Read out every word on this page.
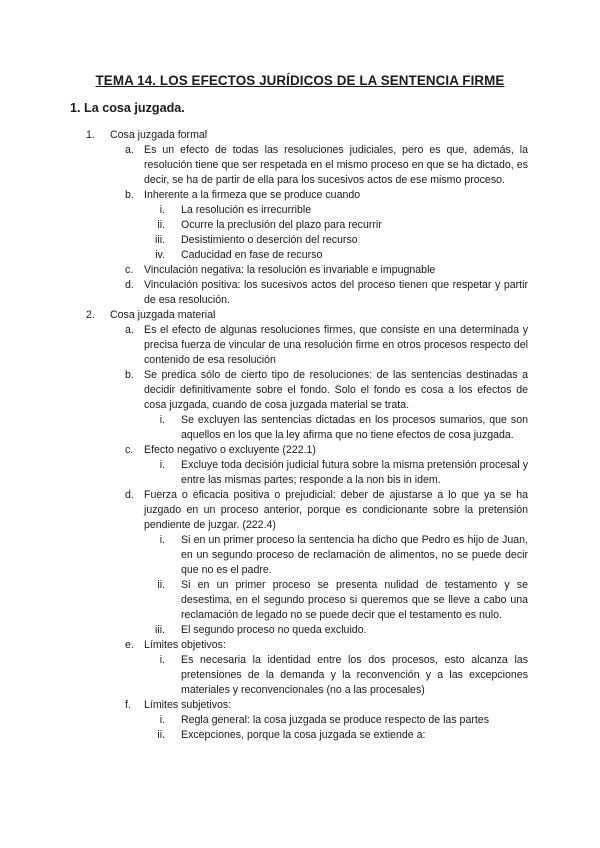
TEMA 14. LOS EFECTOS JURÍDICOS DE LA SENTENCIA FIRME
1. La cosa juzgada.
1. Cosa juzgada formal
a. Es un efecto de todas las resoluciones judiciales, pero es que, además, la resolución tiene que ser respetada en el mismo proceso en que se ha dictado, es decir, se ha de partir de ella para los sucesivos actos de ese mismo proceso.
b. Inherente a la firmeza que se produce cuando
i. La resolución es irrecurrible
ii. Ocurre la preclusión del plazo para recurrir
iii. Desistimiento o deserción del recurso
iv. Caducidad en fase de recurso
c. Vinculación negativa: la resolución es invariable e impugnable
d. Vinculación positiva: los sucesivos actos del proceso tienen que respetar y partir de esa resolución.
2. Cosa juzgada material
a. Es el efecto de algunas resoluciones firmes, que consiste en una determinada y precisa fuerza de vincular de una resolución firme en otros procesos respecto del contenido de esa resolución
b. Se predica sólo de cierto tipo de resoluciones: de las sentencias destinadas a decidir definitivamente sobre el fondo. Solo el fondo es cosa a los efectos de cosa juzgada, cuando de cosa juzgada material se trata.
i. Se excluyen las sentencias dictadas en los procesos sumarios, que son aquellos en los que la ley afirma que no tiene efectos de cosa juzgada.
c. Efecto negativo o excluyente (222.1)
i. Excluye toda decisión judicial futura sobre la misma pretensión procesal y entre las mismas partes; responde a la non bis in idem.
d. Fuerza o eficacia positiva o prejudicial: deber de ajustarse a lo que ya se ha juzgado en un proceso anterior, porque es condicionante sobre la pretensión pendiente de juzgar. (222.4)
i. Si en un primer proceso la sentencia ha dicho que Pedro es hijo de Juan, en un segundo proceso de reclamación de alimentos, no se puede decir que no es el padre.
ii. Si en un primer proceso se presenta nulidad de testamento y se desestima, en el segundo proceso si queremos que se lleve a cabo una reclamación de legado no se puede decir que el testamento es nulo.
iii. El segundo proceso no queda excluido.
e. Límites objetivos:
i. Es necesaria la identidad entre los dos procesos, esto alcanza las pretensiones de la demanda y la reconvención y a las excepciones materiales y reconvencionales (no a las procesales)
f. Límites subjetivos:
i. Regla general: la cosa juzgada se produce respecto de las partes
ii. Excepciones, porque la cosa juzgada se extiende a:
